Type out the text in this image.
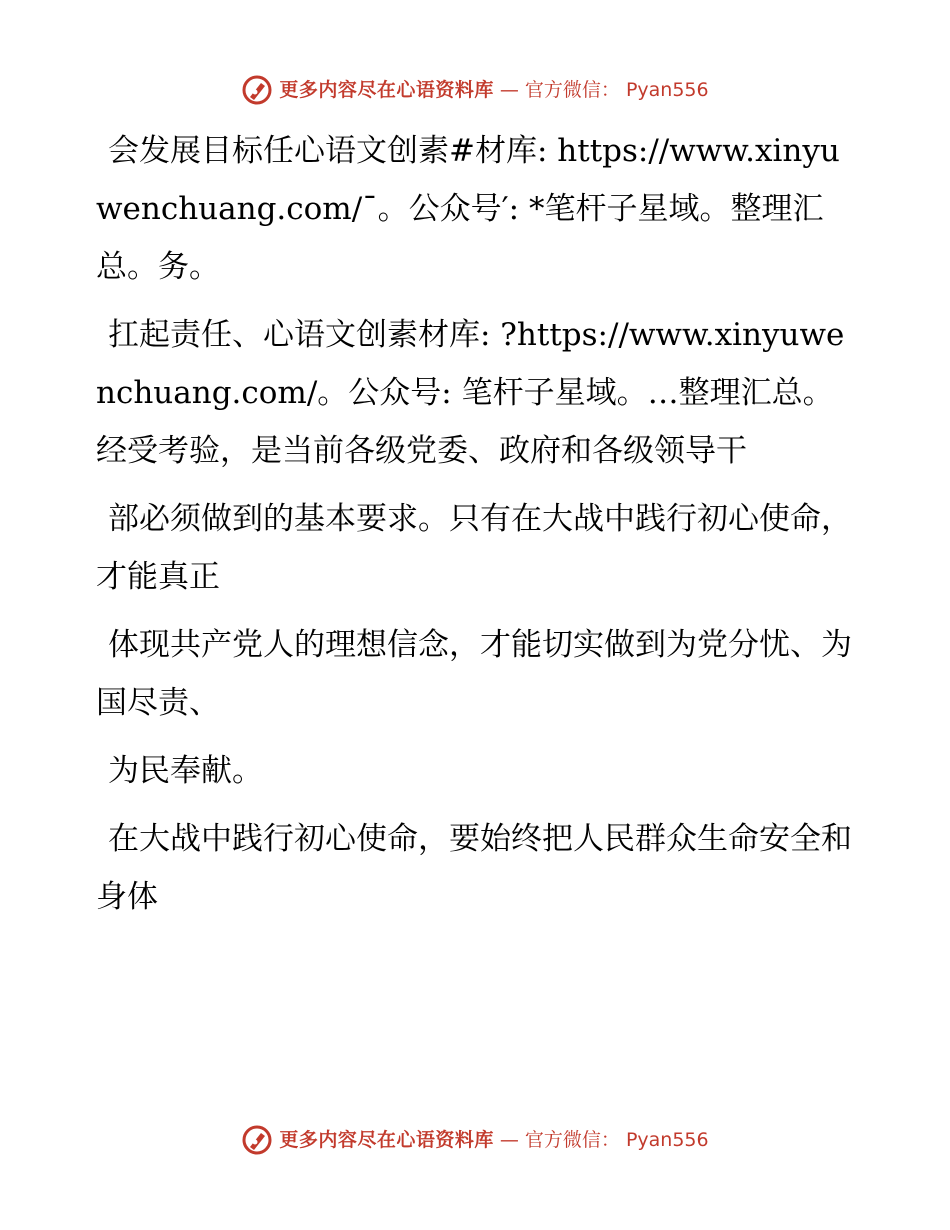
更多内容尽在心语资料库 — 官方微信： Pyan556

会发展目标任心语文创素#材库: https://www.xinyuwenchuang.com/¯。公众号′: *笔杆子星域。整理汇总。务。

扛起责任、心语文创素材库: ?https://www.xinyuwenchuang.com/。公众号: 笔杆子星域。…整理汇总。经受考验，是当前各级党委、政府和各级领导干

部必须做到的基本要求。只有在大战中践行初心使命，才能真正

体现共产党人的理想信念，才能切实做到为党分忧、为国尽责、

为民奉献。

在大战中践行初心使命，要始终把人民群众生命安全和身体

更多内容尽在心语资料库 — 官方微信： Pyan556
